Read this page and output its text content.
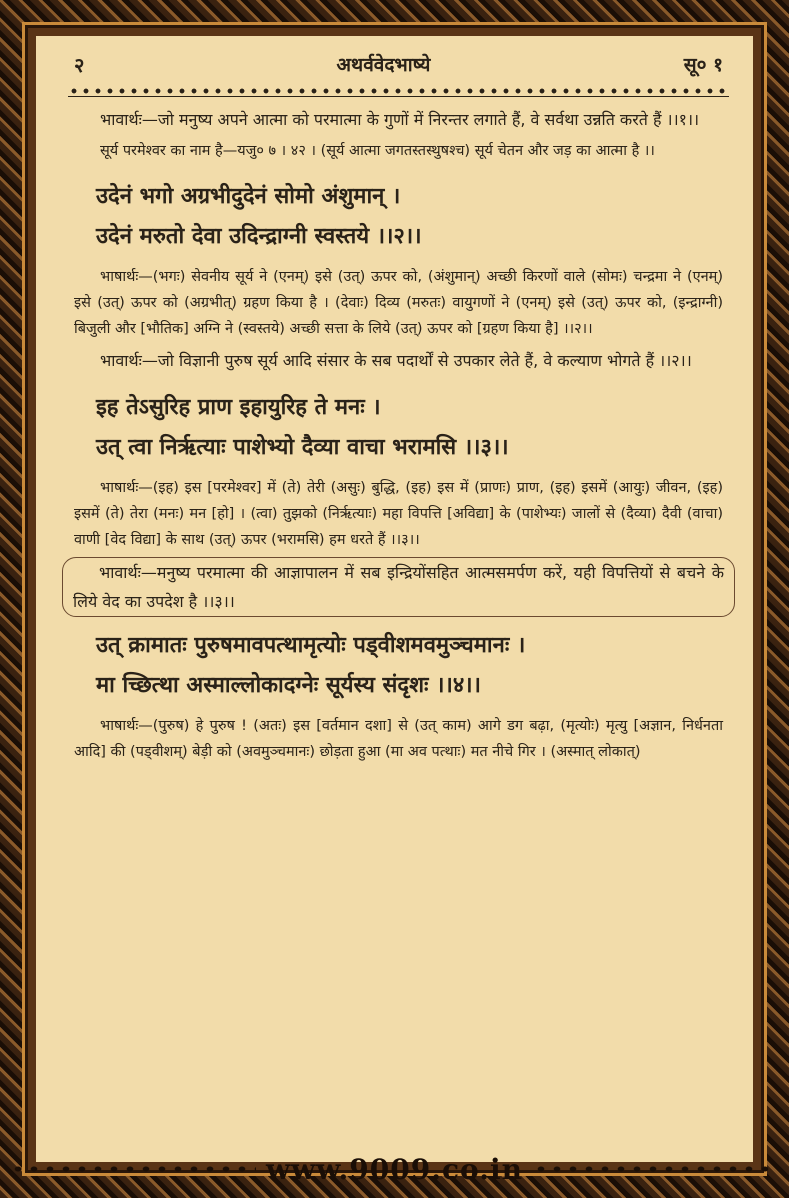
२	अथर्ववेदभाष्ये	सू० १

भावार्थः—जो मनुष्य अपने आत्मा को परमात्मा के गुणों में निरन्तर लगाते हैं, वे सर्वथा उन्नति करते हैं ।।१।।

सूर्य परमेश्वर का नाम है—यजु० ७ । ४२ । (सूर्य आत्मा जगतस्तस्थुषश्च) सूर्य चेतन और जड़ का आत्मा है ।।

उदेनं भगो अग्रभीदुदेनं सोमो अंशुमान् ।

उदेनं मरुतो देवा उदिन्द्राग्नी स्वस्तये ।।२।।

भाषार्थः—(भगः) सेवनीय सूर्य ने (एनम्) इसे (उत्) ऊपर को, (अंशुमान्) अच्छी किरणों वाले (सोमः) चन्द्रमा ने (एनम्) इसे (उत्) ऊपर को (अग्रभीत्) ग्रहण किया है । (देवाः) दिव्य (मरुतः) वायुगणों ने (एनम्) इसे (उत्) ऊपर को, (इन्द्राग्नी) बिजुली और [भौतिक] अग्नि ने (स्वस्तये) अच्छी सत्ता के लिये (उत्) ऊपर को [ग्रहण किया है] ।।२।।

भावार्थः—जो विज्ञानी पुरुष सूर्य आदि संसार के सब पदार्थों से उपकार लेते हैं, वे कल्याण भोगते हैं ।।२।।

इह तेऽसुरिह प्राण इहायुरिह ते मनः ।

उत् त्वा निर्ऋत्याः पाशेभ्यो दैव्या वाचा भरामसि ।।३।।

भाषार्थः—(इह) इस [परमेश्वर] में (ते) तेरी (असुः) बुद्धि, (इह) इस में (प्राणः) प्राण, (इह) इसमें (आयुः) जीवन, (इह) इसमें (ते) तेरा (मनः) मन [हो] । (त्वा) तुझको (निर्ऋत्याः) महा विपत्ति [अविद्या] के (पाशेभ्यः) जालों से (दैव्या) दैवी (वाचा) वाणी [वेद विद्या] के साथ (उत्) ऊपर (भरामसि) हम धरते हैं ।।३।।

भावार्थः—मनुष्य परमात्मा की आज्ञापालन में सब इन्द्रियोंसहित आत्मसमर्पण करें, यही विपत्तियों से बचने के लिये वेद का उपदेश है ।।३।।

उत् क्रामातः पुरुषमावपत्थामृत्योः पड्वीशमवमुञ्चमानः ।

मा च्छित्था अस्माल्लोकादग्नेः सूर्यस्य संदृशः ।।४।।

भाषार्थः—(पुरुष) हे पुरुष ! (अतः) इस [वर्तमान दशा] से (उत् काम) आगे डग बढ़ा, (मृत्योः) मृत्यु [अज्ञान, निर्धनता आदि] की (पड्वीशम्) बेड़ी को (अवमुञ्चमानः) छोड़ता हुआ (मा अव पत्थाः) मत नीचे गिर । (अस्मात् लोकात्)

www.9009.co.in
